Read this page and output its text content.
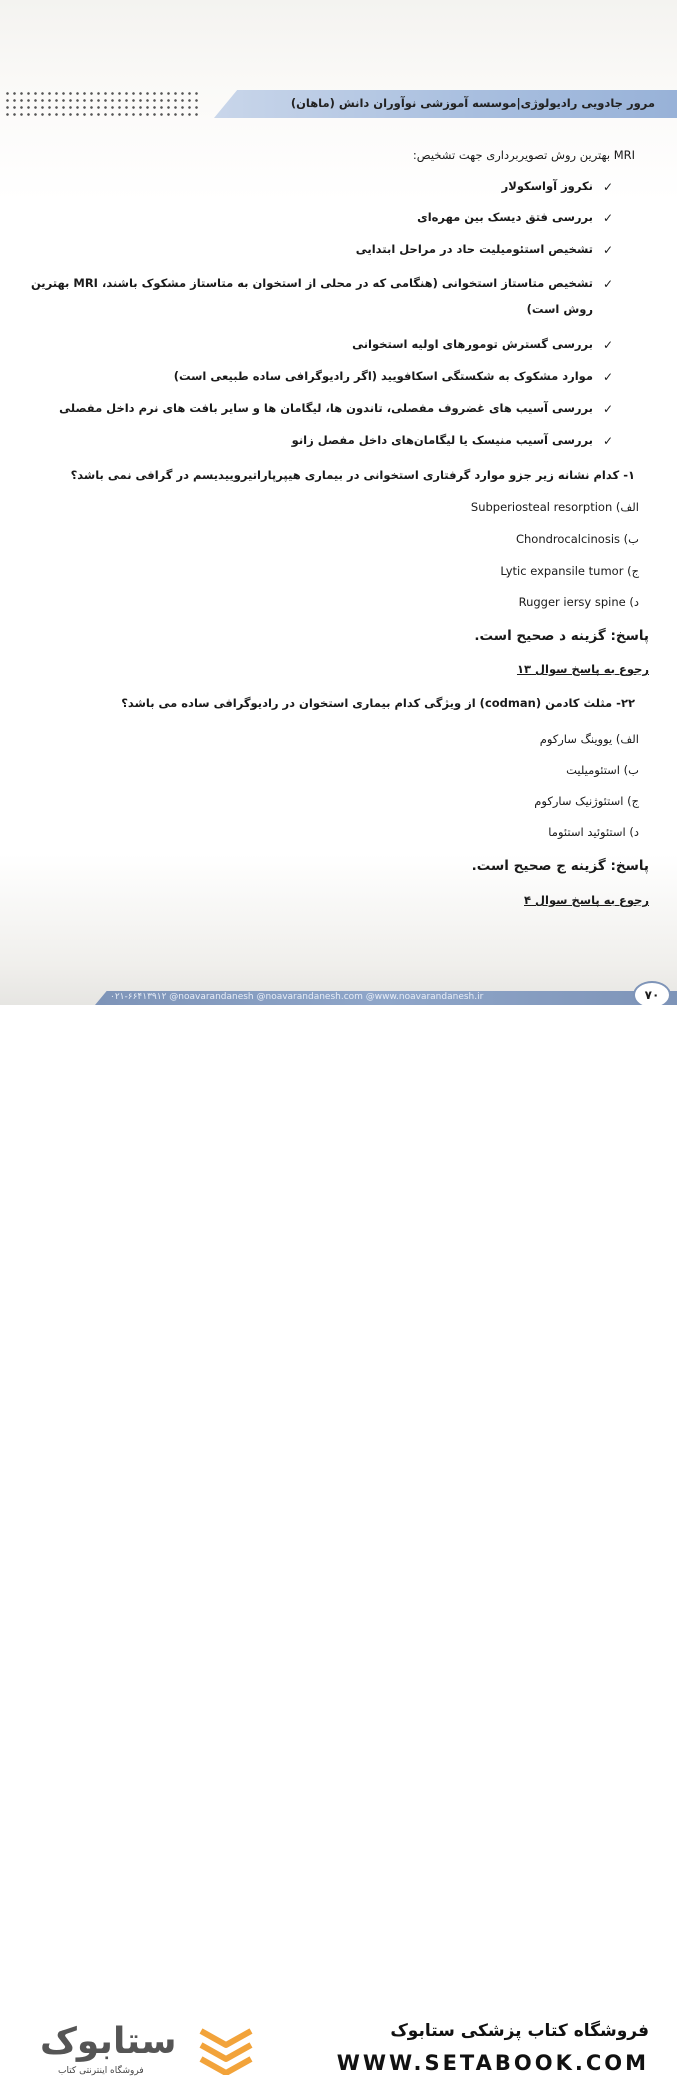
مرور جادویی رادیولوژی|موسسه آموزشی نوآوران دانش (ماهان)
MRI بهترین روش تصویربرداری جهت تشخیص:
✓
نکروز آواسکولار
✓
بررسی فتق دیسک بین مهره‌ای
✓
تشخیص استئومیلیت حاد در مراحل ابتدایی
✓
تشخیص متاستاز استخوانی (هنگامی که در محلی از استخوان به متاستاز مشکوک باشند، MRI بهترین روش است)
✓
بررسی گسترش تومورهای اولیه استخوانی
✓
موارد مشکوک به شکستگی اسکافویید (اگر رادیوگرافی ساده طبیعی است)
✓
بررسی آسیب های غضروف مفصلی، تاندون ها، لیگامان ها و سایر بافت های نرم داخل مفصلی
✓
بررسی آسیب منیسک یا لیگامان‌های داخل مفصل زانو
۱- کدام نشانه زیر جزو موارد گرفتاری استخوانی در بیماری هیپرپاراتیروییدیسم در گرافی نمی باشد؟
الف) Subperiosteal resorption
ب) Chondrocalcinosis
ج) Lytic expansile tumor
د) Rugger iersy spine
پاسخ: گزینه د صحیح است.
رجوع به پاسخ سوال ۱۳
۲۲- مثلث کادمن (codman) از ویژگی کدام بیماری استخوان در رادیوگرافی ساده می باشد؟
الف) یووینگ سارکوم
ب) استئومیلیت
ج) استئوژنیک سارکوم
د) استئوئید استئوما
پاسخ: گزینه ج صحیح است.
رجوع به پاسخ سوال ۴
۰۲۱-۶۶۴۱۳۹۱۲ @noavarandanesh @noavarandanesh.com @www.noavarandanesh.ir	۷۰
فروشگاه کتاب پزشکی ستابوک
WWW.SETABOOK.COM
ستابوک
فروشگاه اینترنتی کتاب
